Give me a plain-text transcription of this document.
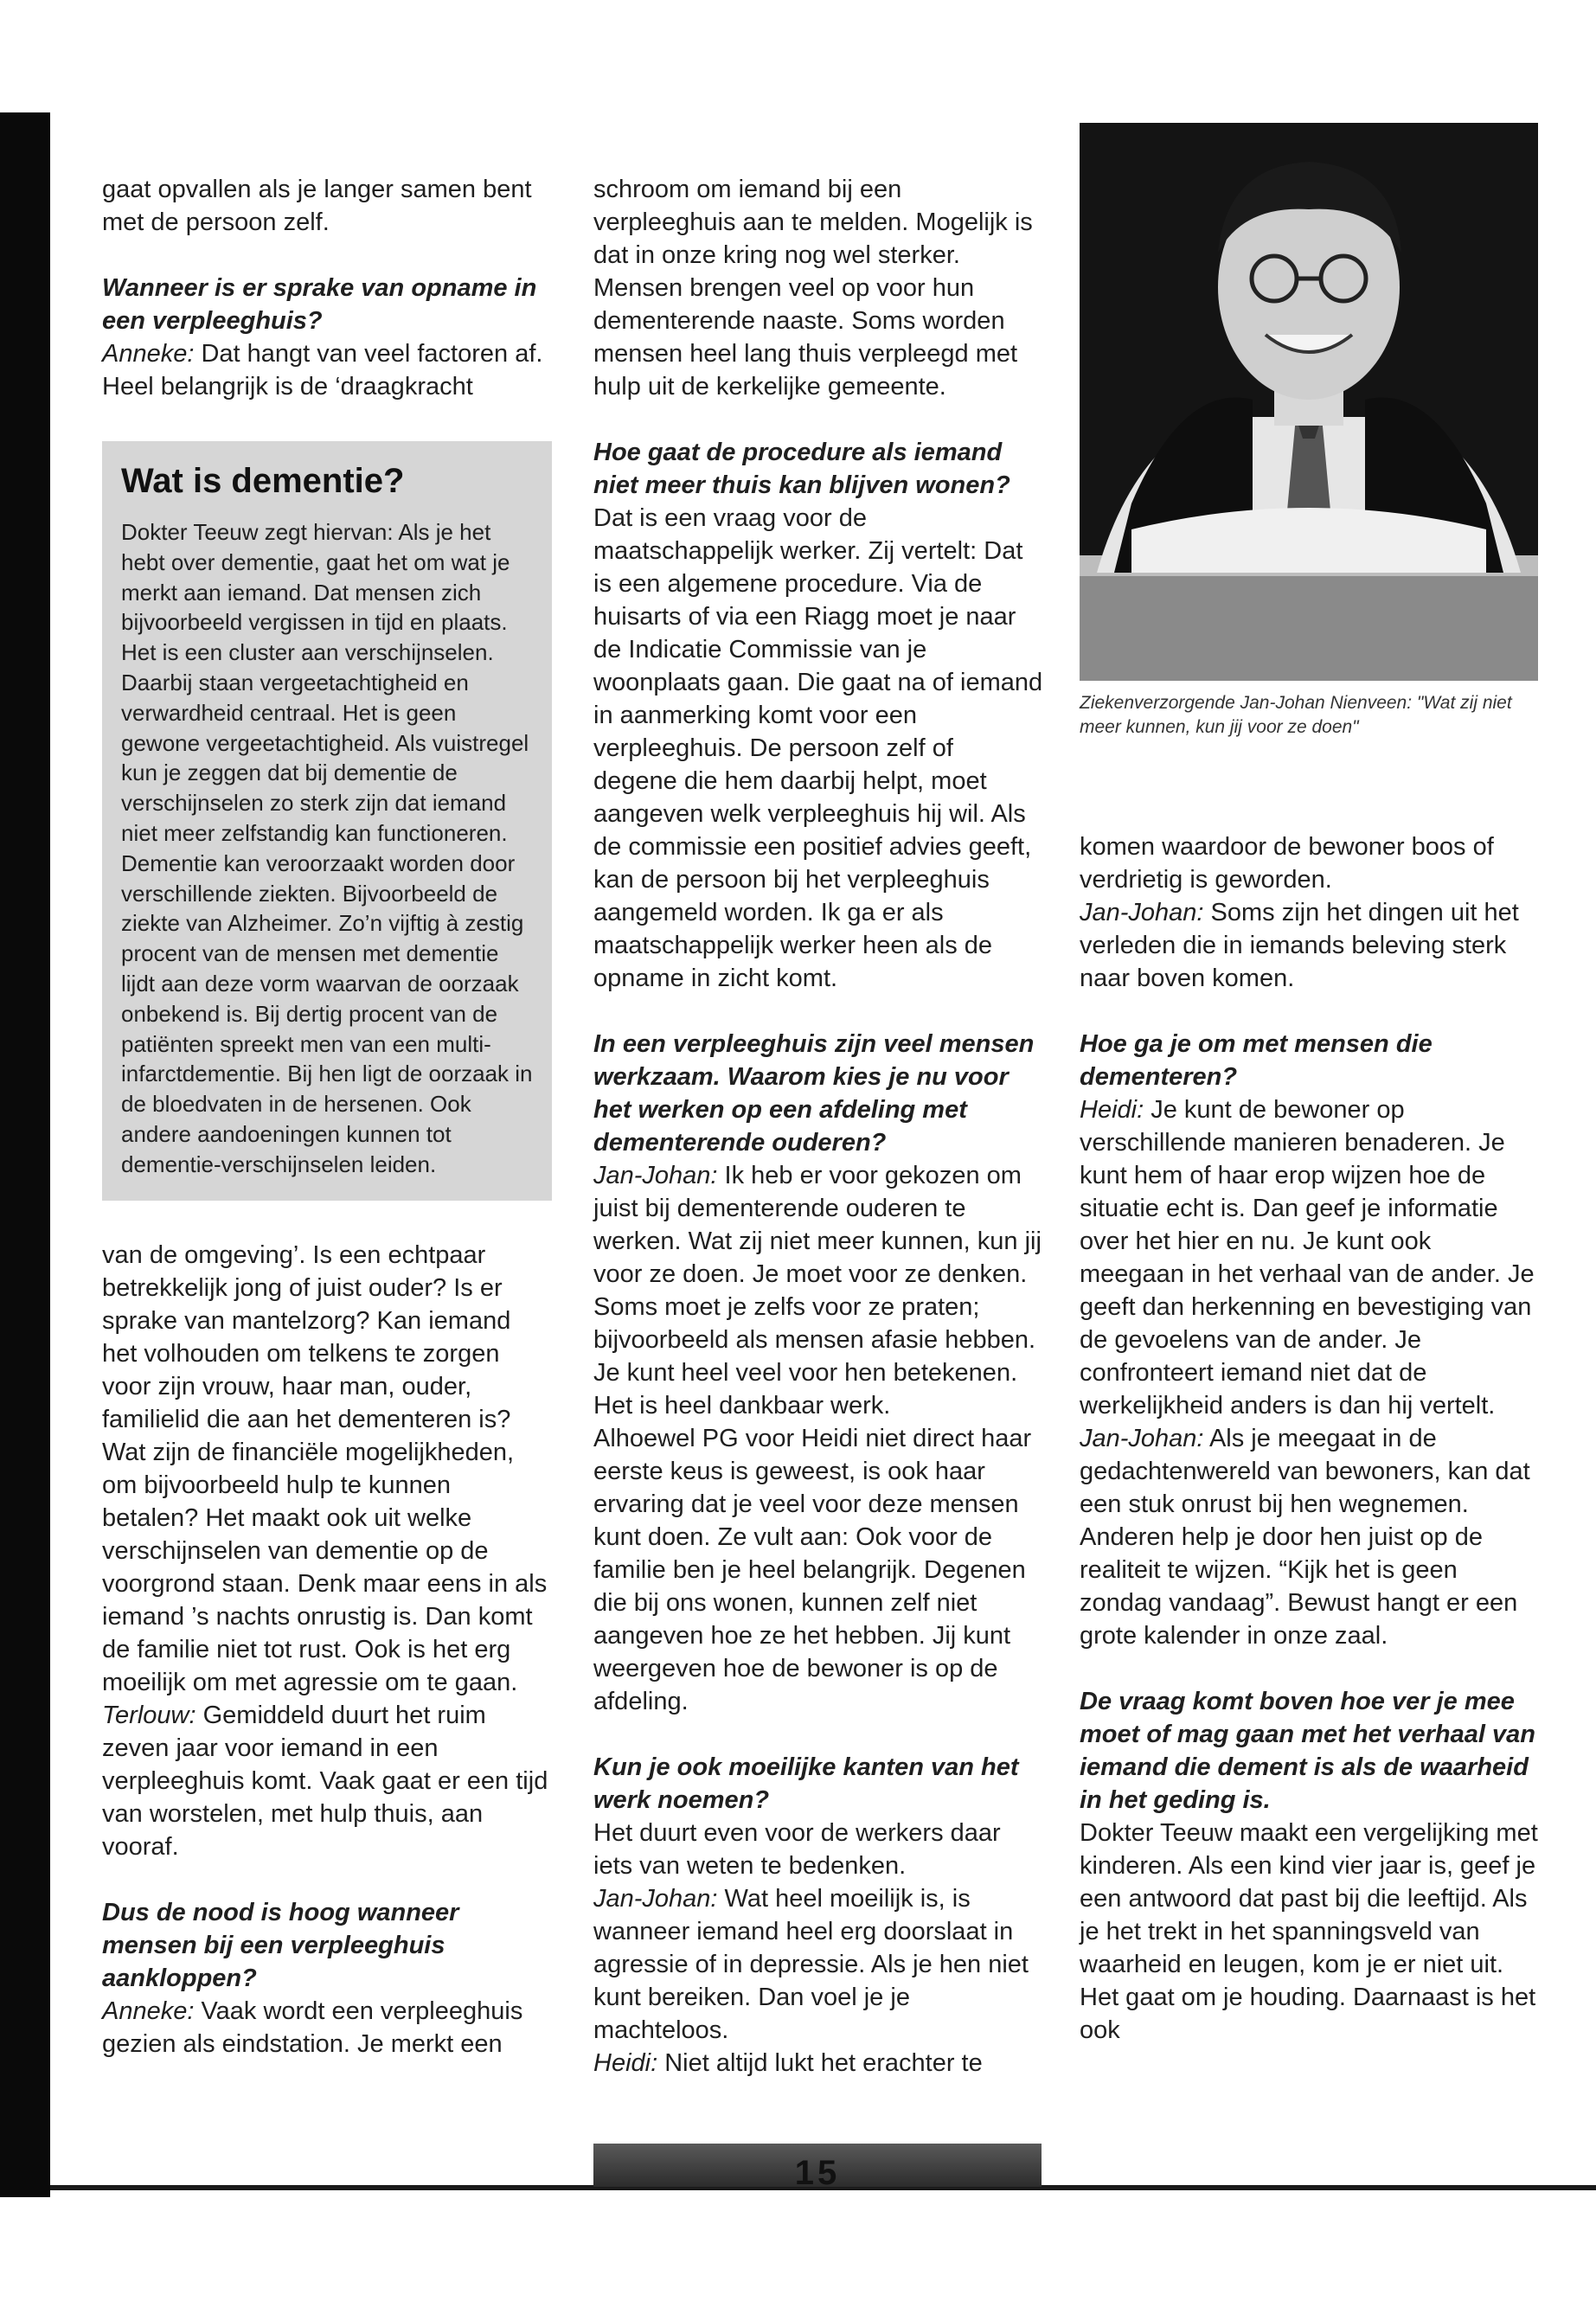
gaat opvallen als je langer samen bent met de persoon zelf.

Wanneer is er sprake van opname in een verpleeghuis?

Anneke: Dat hangt van veel factoren af. Heel belangrijk is de ‘draagkracht

Wat is dementie?

Dokter Teeuw zegt hiervan: Als je het hebt over dementie, gaat het om wat je merkt aan iemand. Dat mensen zich bijvoorbeeld vergissen in tijd en plaats. Het is een cluster aan verschijnselen. Daarbij staan vergeetachtigheid en verwardheid centraal. Het is geen gewone vergeetachtigheid. Als vuistregel kun je zeggen dat bij dementie de verschijnselen zo sterk zijn dat iemand niet meer zelfstandig kan functioneren.

Dementie kan veroorzaakt worden door verschillende ziekten. Bijvoorbeeld de ziekte van Alzheimer. Zo’n vijftig à zestig procent van de mensen met dementie lijdt aan deze vorm waarvan de oorzaak onbekend is. Bij dertig procent van de patiënten spreekt men van een multi-infarctdementie. Bij hen ligt de oorzaak in de bloedvaten in de hersenen. Ook andere aandoeningen kunnen tot dementie-verschijnselen leiden.

van de omgeving’. Is een echtpaar betrekkelijk jong of juist ouder? Is er sprake van mantelzorg? Kan iemand het volhouden om telkens te zorgen voor zijn vrouw, haar man, ouder, familielid die aan het dementeren is? Wat zijn de financiële mogelijkheden, om bijvoorbeeld hulp te kunnen betalen? Het maakt ook uit welke verschijnselen van dementie op de voorgrond staan. Denk maar eens in als iemand ’s nachts onrustig is. Dan komt de familie niet tot rust. Ook is het erg moeilijk om met agressie om te gaan.

Terlouw: Gemiddeld duurt het ruim zeven jaar voor iemand in een verpleeghuis komt. Vaak gaat er een tijd van worstelen, met hulp thuis, aan vooraf.

Dus de nood is hoog wanneer mensen bij een verpleeghuis aankloppen?

Anneke: Vaak wordt een verpleeghuis gezien als eindstation. Je merkt een

schroom om iemand bij een verpleeghuis aan te melden. Mogelijk is dat in onze kring nog wel sterker. Mensen brengen veel op voor hun dementerende naaste. Soms worden mensen heel lang thuis verpleegd met hulp uit de kerkelijke gemeente.

Hoe gaat de procedure als iemand niet meer thuis kan blijven wonen?

Dat is een vraag voor de maatschappelijk werker. Zij vertelt: Dat is een algemene procedure. Via de huisarts of via een Riagg moet je naar de Indicatie Commissie van je woonplaats gaan. Die gaat na of iemand in aanmerking komt voor een verpleeghuis. De persoon zelf of degene die hem daarbij helpt, moet aangeven welk verpleeghuis hij wil. Als de commissie een positief advies geeft, kan de persoon bij het verpleeghuis aangemeld worden. Ik ga er als maatschappelijk werker heen als de opname in zicht komt.

In een verpleeghuis zijn veel mensen werkzaam. Waarom kies je nu voor het werken op een afdeling met dementerende ouderen?

Jan-Johan: Ik heb er voor gekozen om juist bij dementerende ouderen te werken. Wat zij niet meer kunnen, kun jij voor ze doen. Je moet voor ze denken. Soms moet je zelfs voor ze praten; bijvoorbeeld als mensen afasie hebben. Je kunt heel veel voor hen betekenen. Het is heel dankbaar werk.

Alhoewel PG voor Heidi niet direct haar eerste keus is geweest, is ook haar ervaring dat je veel voor deze mensen kunt doen. Ze vult aan: Ook voor de familie ben je heel belangrijk. Degenen die bij ons wonen, kunnen zelf niet aangeven hoe ze het hebben. Jij kunt weergeven hoe de bewoner is op de afdeling.

Kun je ook moeilijke kanten van het werk noemen?

Het duurt even voor de werkers daar iets van weten te bedenken.

Jan-Johan: Wat heel moeilijk is, is wanneer iemand heel erg doorslaat in agressie of in depressie. Als je hen niet kunt bereiken. Dan voel je je machteloos.

Heidi: Niet altijd lukt het erachter te

Ziekenverzorgende Jan-Johan Nienveen: "Wat zij niet meer kunnen, kun jij voor ze doen"

komen waardoor de bewoner boos of verdrietig is geworden.

Jan-Johan: Soms zijn het dingen uit het verleden die in iemands beleving sterk naar boven komen.

Hoe ga je om met mensen die dementeren?

Heidi: Je kunt de bewoner op verschillende manieren benaderen. Je kunt hem of haar erop wijzen hoe de situatie echt is. Dan geef je informatie over het hier en nu. Je kunt ook meegaan in het verhaal van de ander. Je geeft dan herkenning en bevestiging van de gevoelens van de ander. Je confronteert iemand niet dat de werkelijkheid anders is dan hij vertelt.

Jan-Johan: Als je meegaat in de gedachtenwereld van bewoners, kan dat een stuk onrust bij hen wegnemen. Anderen help je door hen juist op de realiteit te wijzen. “Kijk het is geen zondag vandaag”. Bewust hangt er een grote kalender in onze zaal.

De vraag komt boven hoe ver je mee moet of mag gaan met het verhaal van iemand die dement is als de waarheid in het geding is.

Dokter Teeuw maakt een vergelijking met kinderen. Als een kind vier jaar is, geef je een antwoord dat past bij die leeftijd. Als je het trekt in het spanningsveld van waarheid en leugen, kom je er niet uit. Het gaat om je houding. Daarnaast is het ook

15
